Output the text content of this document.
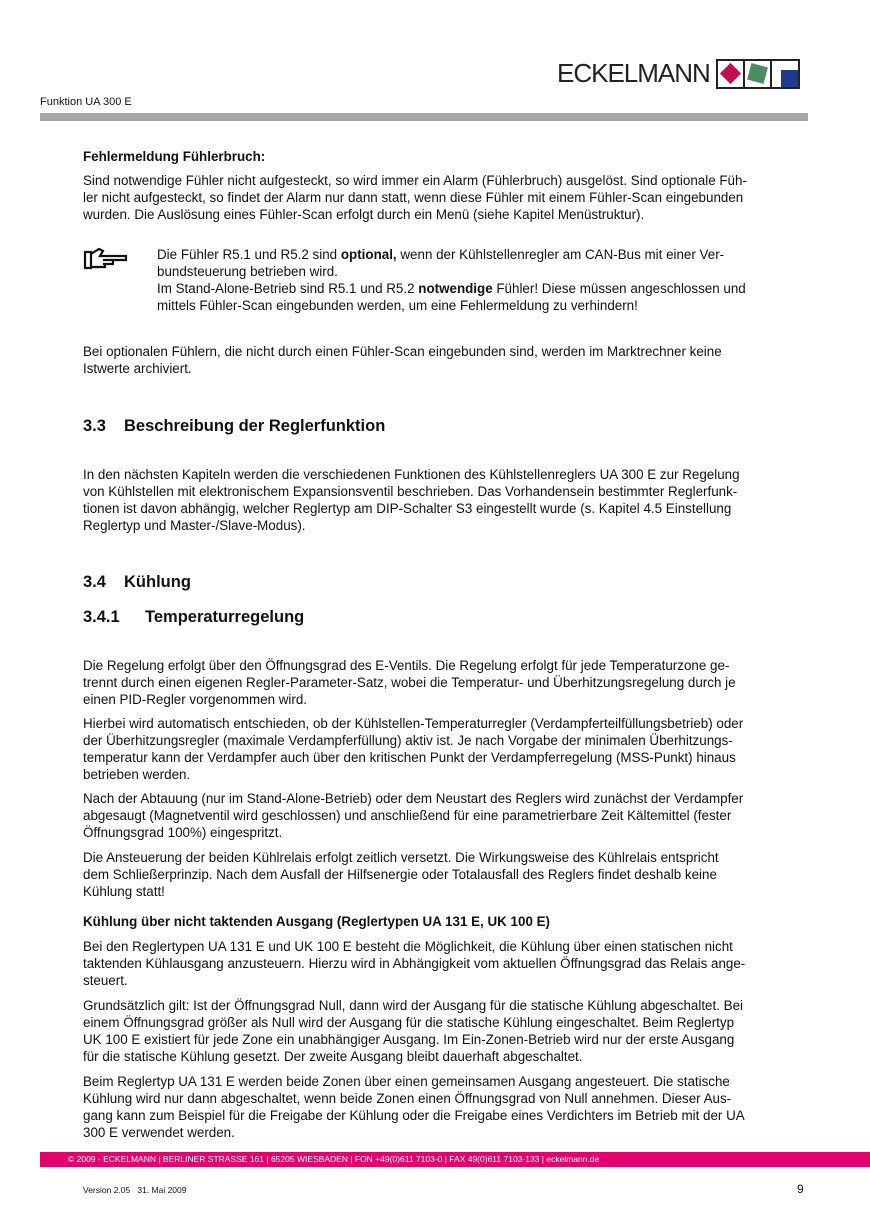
Funktion UA 300 E
ECKELMANN
Fehlermeldung Fühlerbruch:
Sind notwendige Fühler nicht aufgesteckt, so wird immer ein Alarm (Fühlerbruch) ausgelöst. Sind optionale Füh-
ler nicht aufgesteckt, so findet der Alarm nur dann statt, wenn diese Fühler mit einem Fühler-Scan eingebunden
wurden. Die Auslösung eines Fühler-Scan erfolgt durch ein Menü (siehe Kapitel Menüstruktur).
Die Fühler R5.1 und R5.2 sind optional, wenn der Kühlstellenregler am CAN-Bus mit einer Ver-
bundsteuerung betrieben wird.
Im Stand-Alone-Betrieb sind R5.1 und R5.2 notwendige Fühler! Diese müssen angeschlossen und
mittels Fühler-Scan eingebunden werden, um eine Fehlermeldung zu verhindern!
Bei optionalen Fühlern, die nicht durch einen Fühler-Scan eingebunden sind, werden im Marktrechner keine
Istwerte archiviert.
3.3 Beschreibung der Reglerfunktion
In den nächsten Kapiteln werden die verschiedenen Funktionen des Kühlstellenreglers UA 300 E zur Regelung
von Kühlstellen mit elektronischem Expansionsventil beschrieben. Das Vorhandensein bestimmter Reglerfunk-
tionen ist davon abhängig, welcher Reglertyp am DIP-Schalter S3 eingestellt wurde (s. Kapitel 4.5 Einstellung
Reglertyp und Master-/Slave-Modus).
3.4 Kühlung
3.4.1 Temperaturregelung
Die Regelung erfolgt über den Öffnungsgrad des E-Ventils. Die Regelung erfolgt für jede Temperaturzone ge-
trennt durch einen eigenen Regler-Parameter-Satz, wobei die Temperatur- und Überhitzungsregelung durch je
einen PID-Regler vorgenommen wird.
Hierbei wird automatisch entschieden, ob der Kühlstellen-Temperaturregler (Verdampferteilfüllungsbetrieb) oder
der Überhitzungsregler (maximale Verdampferfüllung) aktiv ist. Je nach Vorgabe der minimalen Überhitzungs-
temperatur kann der Verdampfer auch über den kritischen Punkt der Verdampferregelung (MSS-Punkt) hinaus
betrieben werden.
Nach der Abtauung (nur im Stand-Alone-Betrieb) oder dem Neustart des Reglers wird zunächst der Verdampfer
abgesaugt (Magnetventil wird geschlossen) und anschließend für eine parametrierbare Zeit Kältemittel (fester
Öffnungsgrad 100%) eingespritzt.
Die Ansteuerung der beiden Kühlrelais erfolgt zeitlich versetzt. Die Wirkungsweise des Kühlrelais entspricht
dem Schließerprinzip. Nach dem Ausfall der Hilfsenergie oder Totalausfall des Reglers findet deshalb keine
Kühlung statt!
Kühlung über nicht taktenden Ausgang (Reglertypen UA 131 E, UK 100 E)
Bei den Reglertypen UA 131 E und UK 100 E besteht die Möglichkeit, die Kühlung über einen statischen nicht
taktenden Kühlausgang anzusteuern. Hierzu wird in Abhängigkeit vom aktuellen Öffnungsgrad das Relais ange-
steuert.
Grundsätzlich gilt: Ist der Öffnungsgrad Null, dann wird der Ausgang für die statische Kühlung abgeschaltet. Bei
einem Öffnungsgrad größer als Null wird der Ausgang für die statische Kühlung eingeschaltet. Beim Reglertyp
UK 100 E existiert für jede Zone ein unabhängiger Ausgang. Im Ein-Zonen-Betrieb wird nur der erste Ausgang
für die statische Kühlung gesetzt. Der zweite Ausgang bleibt dauerhaft abgeschaltet.
Beim Reglertyp UA 131 E werden beide Zonen über einen gemeinsamen Ausgang angesteuert. Die statische
Kühlung wird nur dann abgeschaltet, wenn beide Zonen einen Öffnungsgrad von Null annehmen. Dieser Aus-
gang kann zum Beispiel für die Freigabe der Kühlung oder die Freigabe eines Verdichters im Betrieb mit der UA
300 E verwendet werden.
© 2009 - ECKELMANN | BERLINER STRASSE 161 | 65205 WIESBADEN | FON +49(0)611 7103-0 | FAX 49(0)611 7103-133 | eckelmann.de
Version 2.05   31. Mai 2009	9
